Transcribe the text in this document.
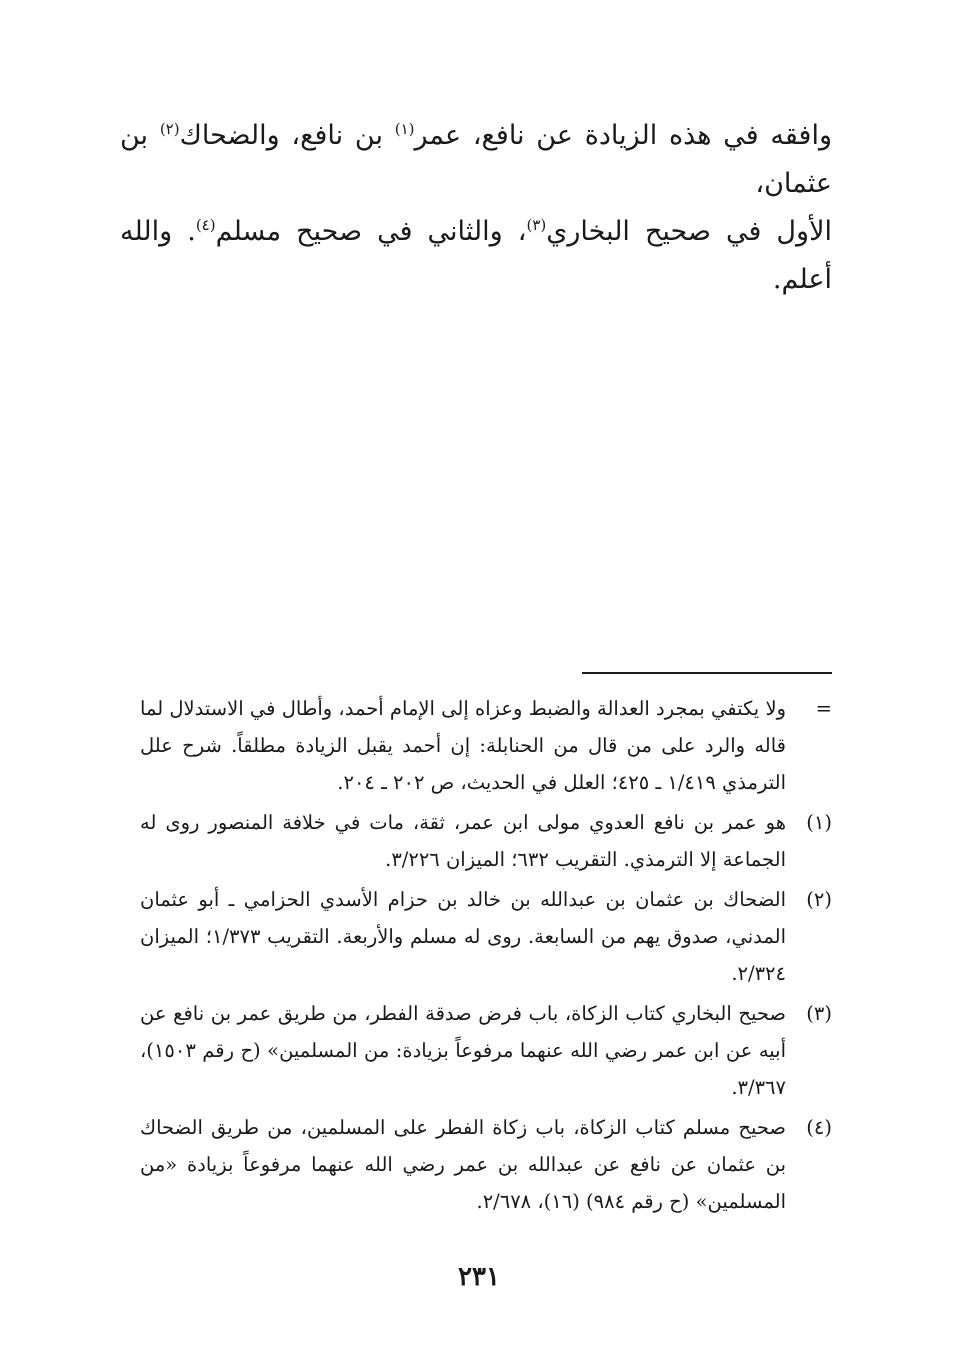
وافقه في هذه الزيادة عن نافع، عمر$^{(١)}$ بن نافع، والضحاك$^{(٢)}$ بن عثمان،

الأول في صحيح البخاري$^{(٣)}$، والثاني في صحيح مسلم$^{(٤)}$. والله أعلم.

=
ولا يكتفي بمجرد العدالة والضبط وعزاه إلى الإمام أحمد، وأطال في الاستدلال لما قاله والرد على من قال من الحنابلة: إن أحمد يقبل الزيادة مطلقاً. شرح علل الترمذي ١/٤١٩ ـ ٤٢٥؛ العلل في الحديث، ص ٢٠٢ ـ ٢٠٤.
(١)
هو عمر بن نافع العدوي مولى ابن عمر، ثقة، مات في خلافة المنصور روى له الجماعة إلا الترمذي. التقريب ٦٣٢؛ الميزان ٣/٢٢٦.
(٢)
الضحاك بن عثمان بن عبدالله بن خالد بن حزام الأسدي الحزامي ـ أبو عثمان المدني، صدوق يهم من السابعة. روى له مسلم والأربعة. التقريب ١/٣٧٣؛ الميزان ٢/٣٢٤.
(٣)
صحيح البخاري كتاب الزكاة، باب فرض صدقة الفطر، من طريق عمر بن نافع عن أبيه عن ابن عمر رضي الله عنهما مرفوعاً بزيادة: من المسلمين» (ح رقم ١٥٠٣)، ٣/٣٦٧.
(٤)
صحيح مسلم كتاب الزكاة، باب زكاة الفطر على المسلمين، من طريق الضحاك بن عثمان عن نافع عن عبدالله بن عمر رضي الله عنهما مرفوعاً بزيادة «من المسلمين» (ح رقم ٩٨٤) (١٦)، ٢/٦٧٨.
٢٣١
